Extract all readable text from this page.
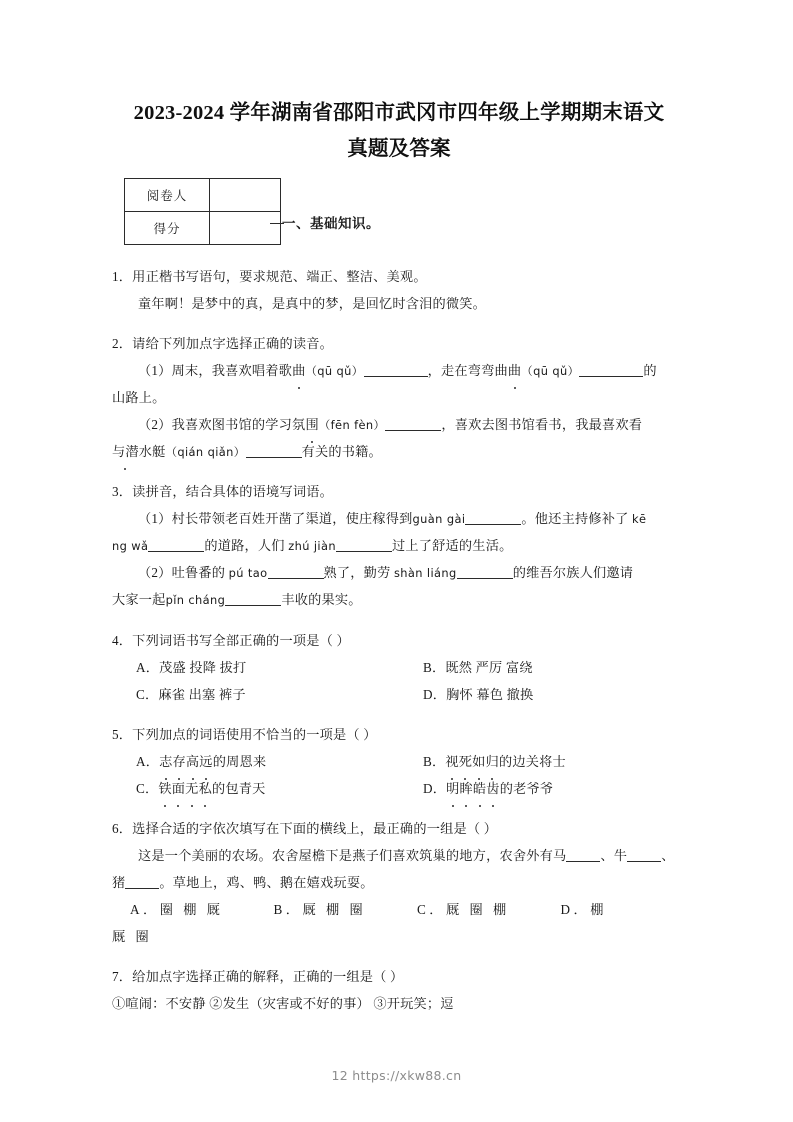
2023-2024 学年湖南省邵阳市武冈市四年级上学期期末语文
真题及答案
阅卷人	
得分		一、基础知识。
1．用正楷书写语句，要求规范、端正、整洁、美观。
童年啊！是梦中的真，是真中的梦，是回忆时含泪的微笑。
2．请给下列加点字选择正确的读音。
（1）周末，我喜欢唱着歌曲（qū qǔ）	，走在弯弯曲曲（qū qǔ）	的
山路上。
（2）我喜欢图书馆的学习氛围（fēn fèn）	，喜欢去图书馆看书，我最喜欢看
与潜水艇（qián qiǎn）	有关的书籍。
3．读拼音，结合具体的语境写词语。
（1）村长带领老百姓开凿了渠道，使庄稼得到guàn gài	。他还主持修补了 kē
ng wǎ	的道路，人们 zhú jiàn	过上了舒适的生活。
（2）吐鲁番的 pú tao	熟了，勤劳 shàn liáng	的维吾尔族人们邀请
大家一起pǐn cháng	丰收的果实。
4．下列词语书写全部正确的一项是（ ）
A．茂盛 投降 拔打	B．既然 严厉 富绕
C．麻雀 出塞 裤子	D．胸怀 幕色 撤换
5．下列加点的词语使用不恰当的一项是（ ）
A．志存高远的周恩来	B．视死如归的边关将士
C．铁面无私的包青天	D．明眸皓齿的老爷爷
6．选择合适的字依次填写在下面的横线上，最正确的一组是（ ）
这是一个美丽的农场。农舍屋檐下是燕子们喜欢筑巢的地方，农舍外有马	、牛	、
猪	。草地上，鸡、鸭、鹅在嬉戏玩耍。
A．圈 棚 厩	B．厩 棚 圈	C．厩 圈 棚	D．棚
厩 圈
7．给加点字选择正确的解释，正确的一组是（ ）
①喧闹：不安静 ②发生（灾害或不好的事） ③开玩笑；逗
12 https://xkw88.cn
